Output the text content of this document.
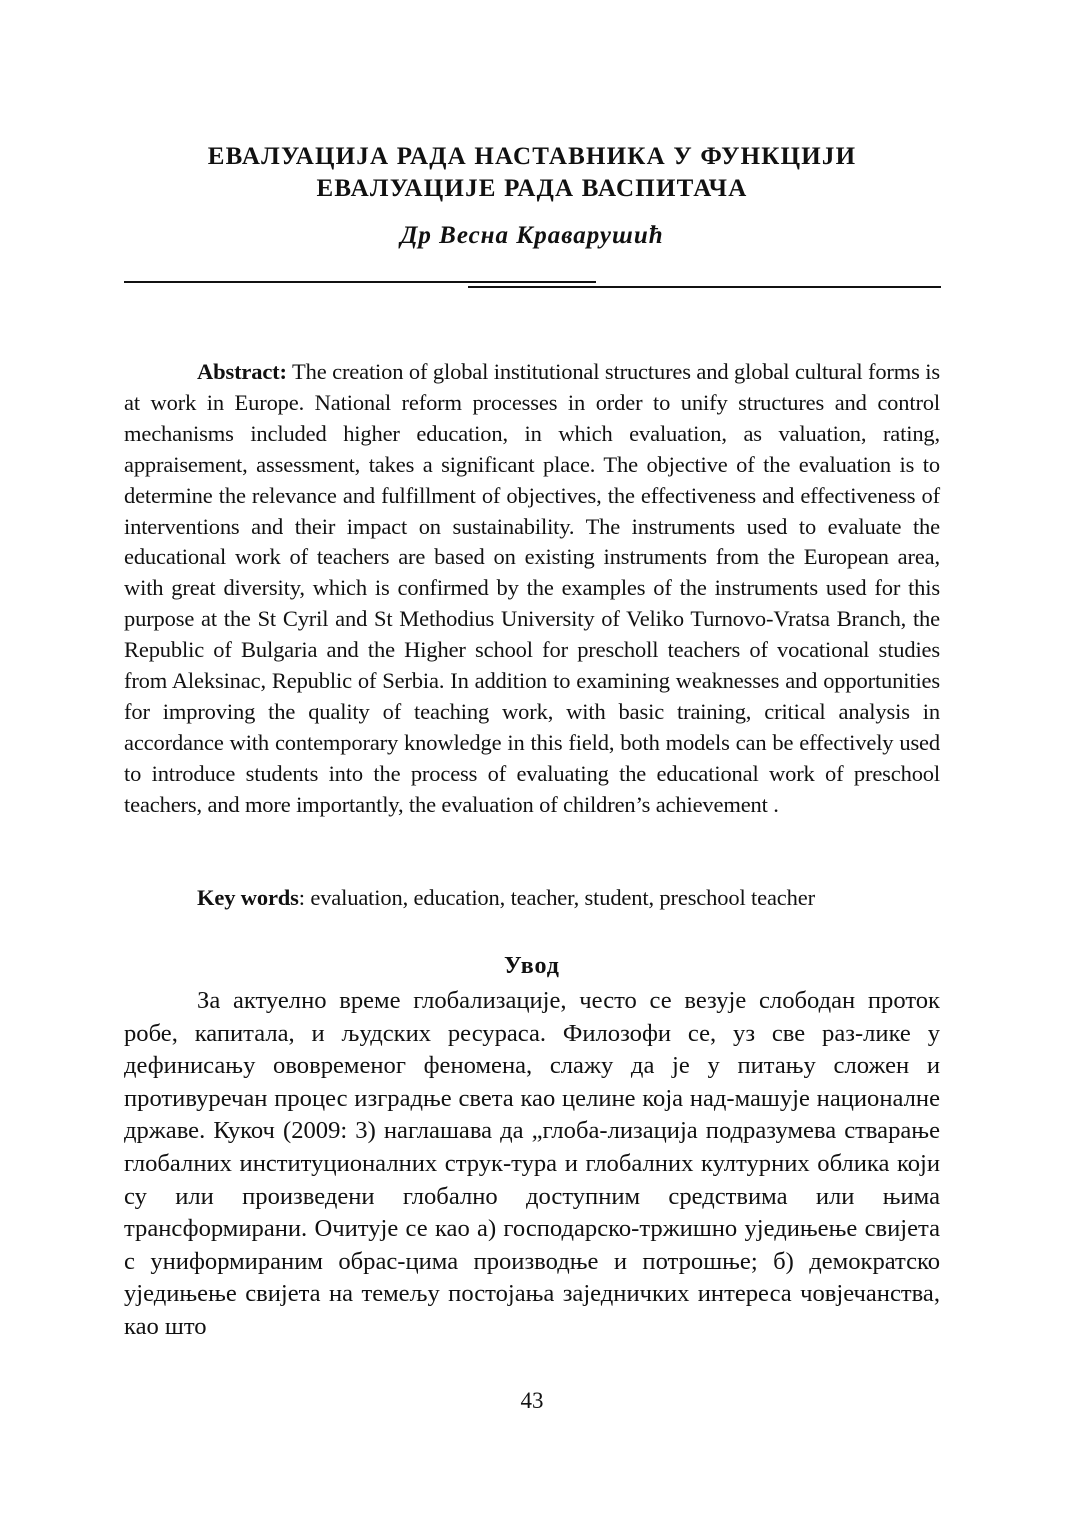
ЕВАЛУАЦИЈА РАДА НАСТАВНИКА У ФУНКЦИЈИ
ЕВАЛУАЦИЈЕ РАДА ВАСПИТАЧА

Др Весна Краварушић

Abstract: The creation of global institutional structures and global cultural forms is at work in Europe. National reform processes in order to unify structures and control mechanisms included higher education, in which evaluation, as valuation, rating, appraisement, assessment, takes a significant place. The objective of the evaluation is to determine the relevance and fulfillment of objectives, the effectiveness and effectiveness of interventions and their impact on sustainability. The instruments used to evaluate the educational work of teachers are based on existing instruments from the European area, with great diversity, which is confirmed by the examples of the instruments used for this purpose at the St Cyril and St Methodius University of Veliko Turnovo-Vratsa Branch, the Republic of Bulgaria and the Higher school for prescholl teachers of vocational studies from Aleksinac, Republic of Serbia. In addition to examining weaknesses and opportunities for improving the quality of teaching work, with basic training, critical analysis in accordance with contemporary knowledge in this field, both models can be effectively used to introduce students into the process of evaluating the educational work of preschool teachers, and more importantly, the evaluation of children’s achievement .

Key words: evaluation, education, teacher, student, preschool teacher

Увод

За актуелно време глобализације, често се везује слободан проток робе, капитала, и људских ресураса. Филозофи се, уз све раз-лике у дефинисању ововременог феномена, слажу да је у питању сложен и противуречан процес изградње света као целине која над-машује националне државе. Кукоч (2009: 3) наглашава да „глоба-лизација подразумева стварање глобалних институционалних струк-тура и глобалних културних облика који су или произведени глобално доступним средствима или њима трансформирани. Очитује се као а) господарско-тржишно уједињење свијета с униформираним обрас-цима производње и потрошње; б) демократско уједињење свијета на темељу постојања заједничких интереса човјечанства, као што

43
